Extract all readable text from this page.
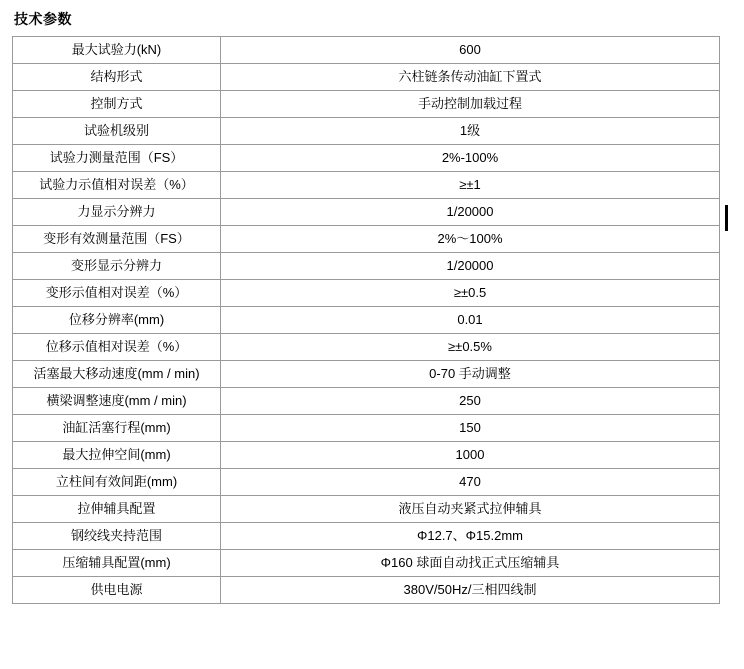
技术参数
最大试验力(kN)	600
结构形式	六柱链条传动油缸下置式
控制方式	手动控制加载过程
试验机级别	1级
试验力测量范围（FS）	2%-100%
试验力示值相对误差（%）	≥±1
力显示分辨力	1/20000
变形有效测量范围（FS）	2%～100%
变形显示分辨力	1/20000
变形示值相对误差（%）	≥±0.5
位移分辨率(mm)	0.01
位移示值相对误差（%）	≥±0.5%
活塞最大移动速度(mm / min)	0-70 手动调整
横梁调整速度(mm / min)	250
油缸活塞行程(mm)	150
最大拉伸空间(mm)	1000
立柱间有效间距(mm)	470
拉伸辅具配置	液压自动夹紧式拉伸辅具
钢绞线夹持范围	Φ12.7、Φ15.2mm
压缩辅具配置(mm)	Φ160 球面自动找正式压缩辅具
供电电源	380V/50Hz/三相四线制
